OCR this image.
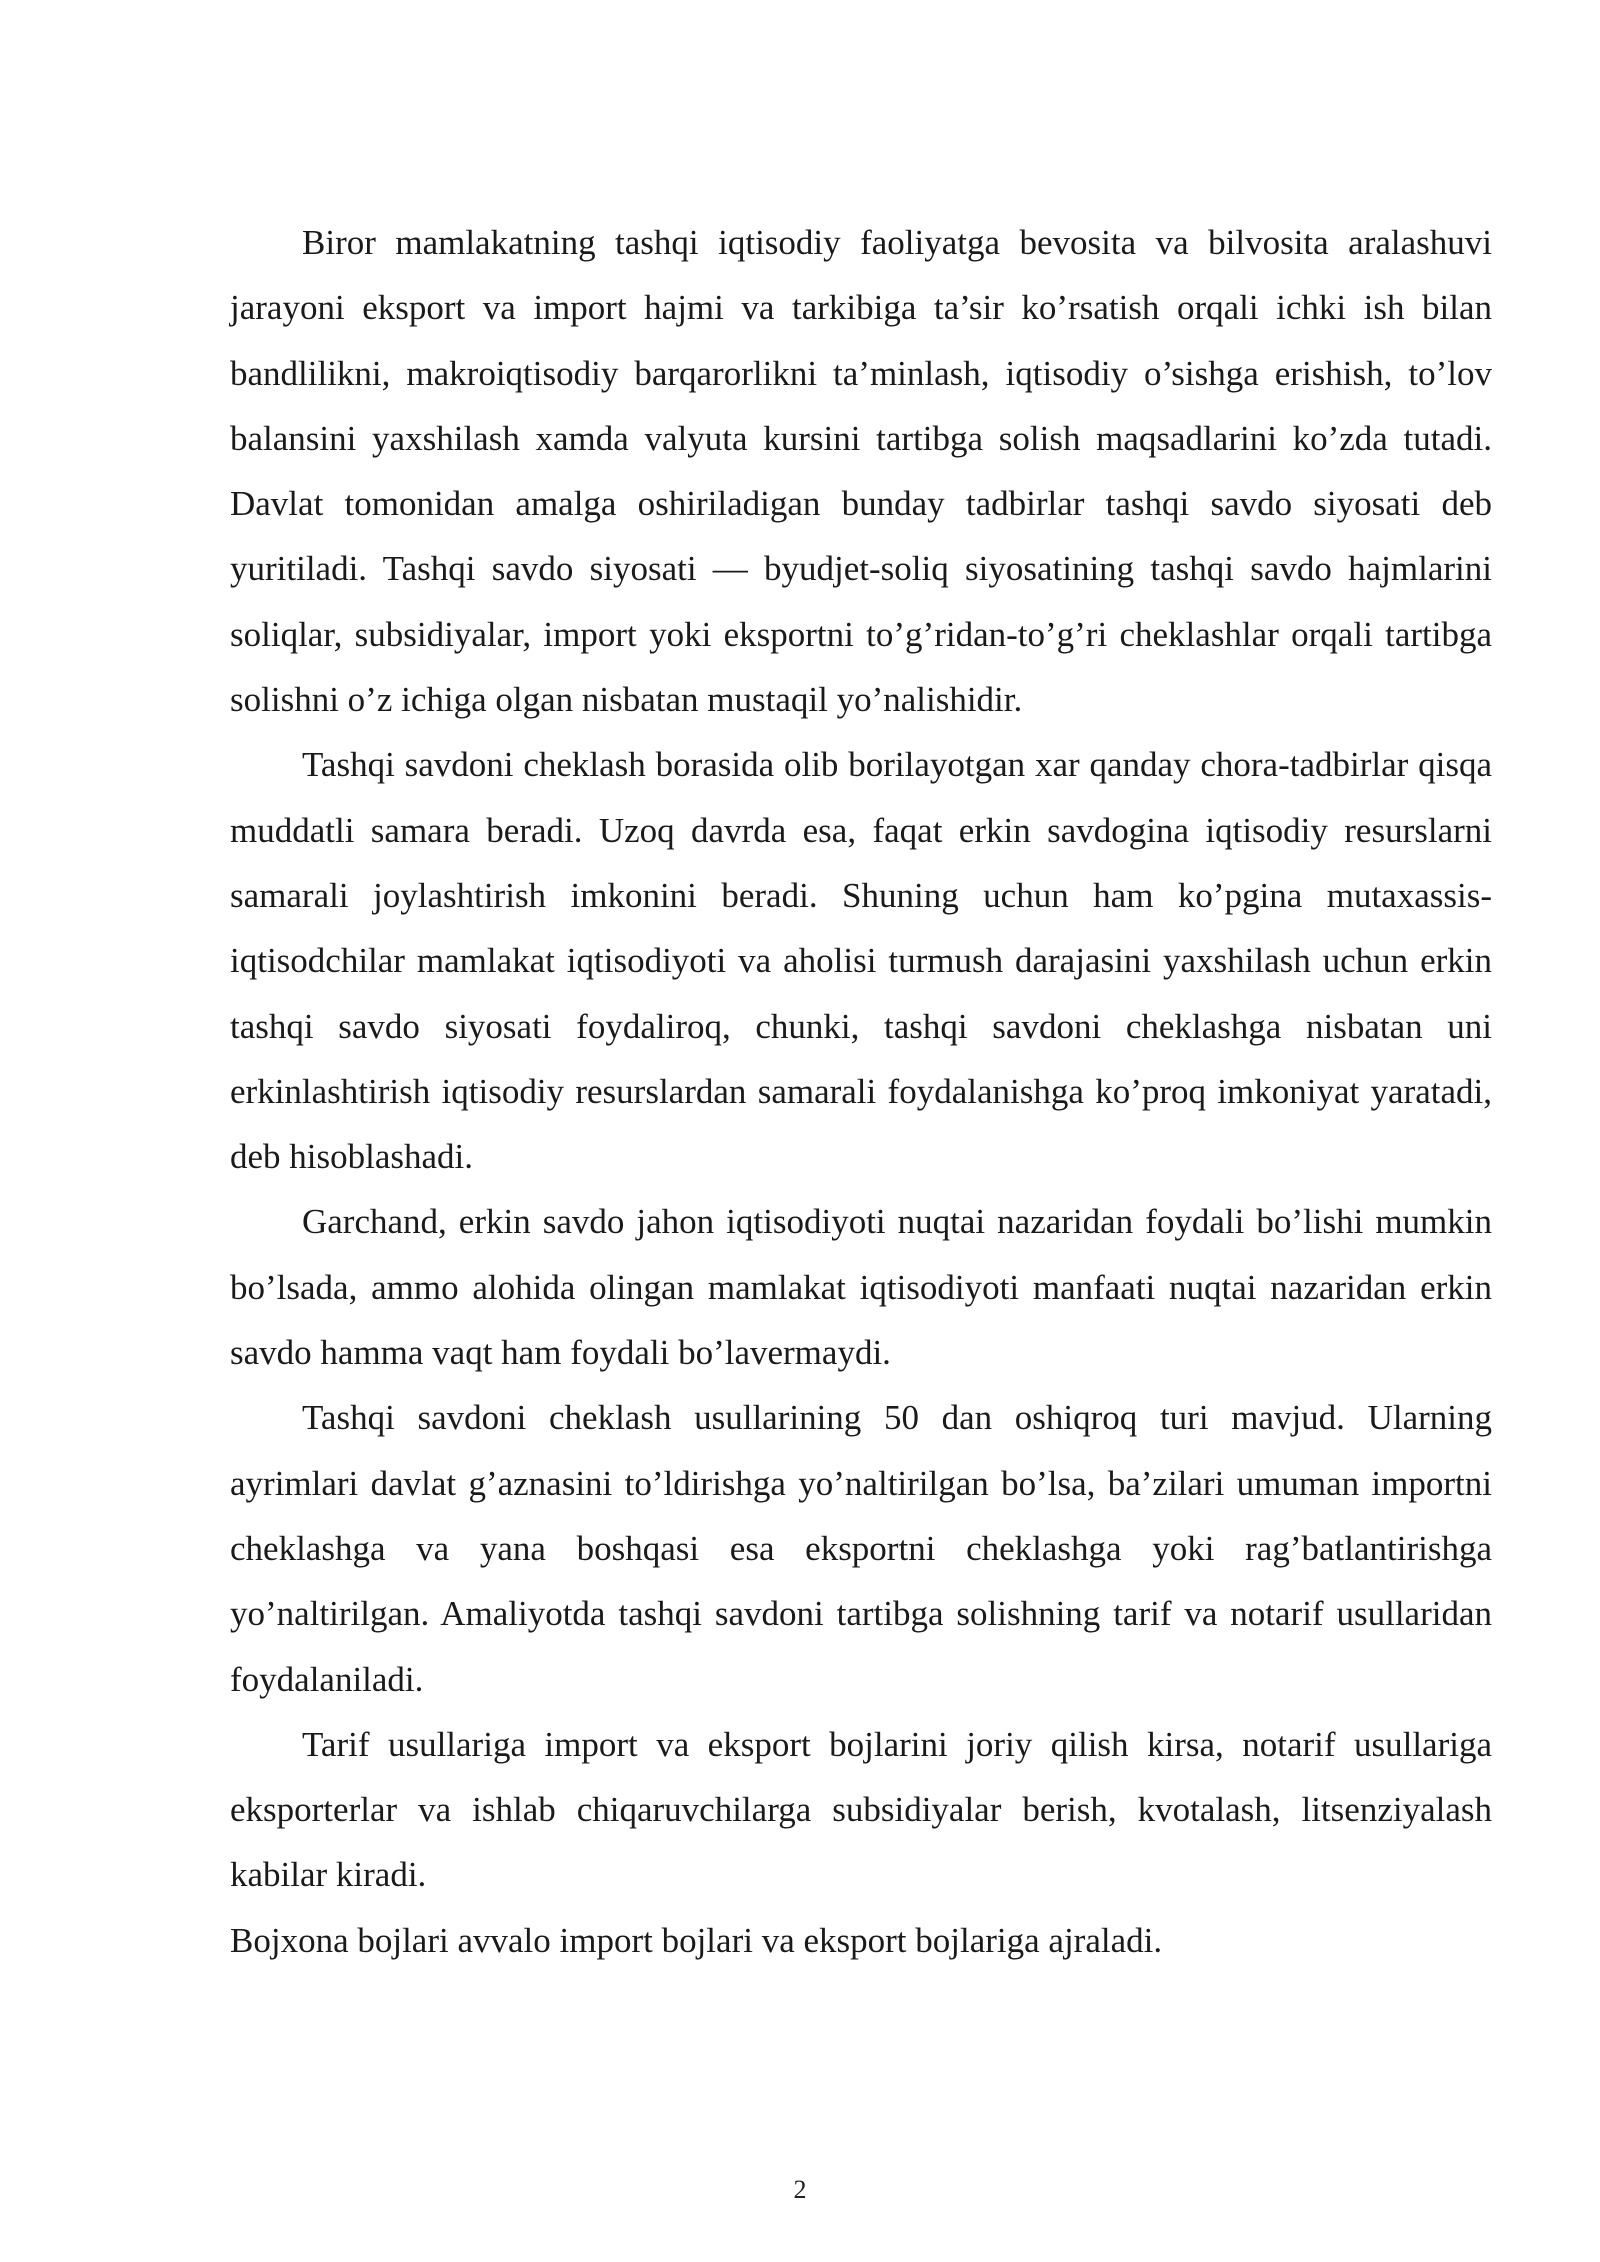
Biror mamlakatning tashqi iqtisodiy faoliyatga bevosita va bilvosita aralashuvi jarayoni eksport va import hajmi va tarkibiga ta’sir ko’rsatish orqali ichki ish bilan bandlilikni, makroiqtisodiy barqarorlikni ta’minlash, iqtisodiy o’sishga erishish, to’lov balansini yaxshilash xamda valyuta kursini tartibga solish maqsadlarini ko’zda tutadi. Davlat tomonidan amalga oshiriladigan bunday tadbirlar tashqi savdo siyosati deb yuritiladi. Tashqi savdo siyosati — byudjet-soliq siyosatining tashqi savdo hajmlarini soliqlar, subsidiyalar, import yoki eksportni to’g’ridan-to’g’ri cheklashlar orqali tartibga solishni o’z ichiga olgan nisbatan mustaqil yo’nalishidir.

Tashqi savdoni cheklash borasida olib borilayotgan xar qanday chora-tadbirlar qisqa muddatli samara beradi. Uzoq davrda esa, faqat erkin savdogina iqtisodiy resurslarni samarali joylashtirish imkonini beradi. Shuning uchun ham ko’pgina mutaxassis-iqtisodchilar mamlakat iqtisodiyoti va aholisi turmush darajasini yaxshilash uchun erkin tashqi savdo siyosati foydaliroq, chunki, tashqi savdoni cheklashga nisbatan uni erkinlashtirish iqtisodiy resurslardan samarali foydalanishga ko’proq imkoniyat yaratadi, deb hisoblashadi.

Garchand, erkin savdo jahon iqtisodiyoti nuqtai nazaridan foydali bo’lishi mumkin bo’lsada, ammo alohida olingan mamlakat iqtisodiyoti manfaati nuqtai nazaridan erkin savdo hamma vaqt ham foydali bo’lavermaydi.

Tashqi savdoni cheklash usullarining 50 dan oshiqroq turi mavjud. Ularning ayrimlari davlat g’aznasini to’ldirishga yo’naltirilgan bo’lsa, ba’zilari umuman importni cheklashga va yana boshqasi esa eksportni cheklashga yoki rag’batlantirishga yo’naltirilgan. Amaliyotda tashqi savdoni tartibga solishning tarif va notarif usullaridan foydalaniladi.

Tarif usullariga import va eksport bojlarini joriy qilish kirsa, notarif usullariga eksporterlar va ishlab chiqaruvchilarga subsidiyalar berish, kvotalash, litsenziyalash kabilar kiradi.

Bojxona bojlari avvalo import bojlari va eksport bojlariga ajraladi.

2
